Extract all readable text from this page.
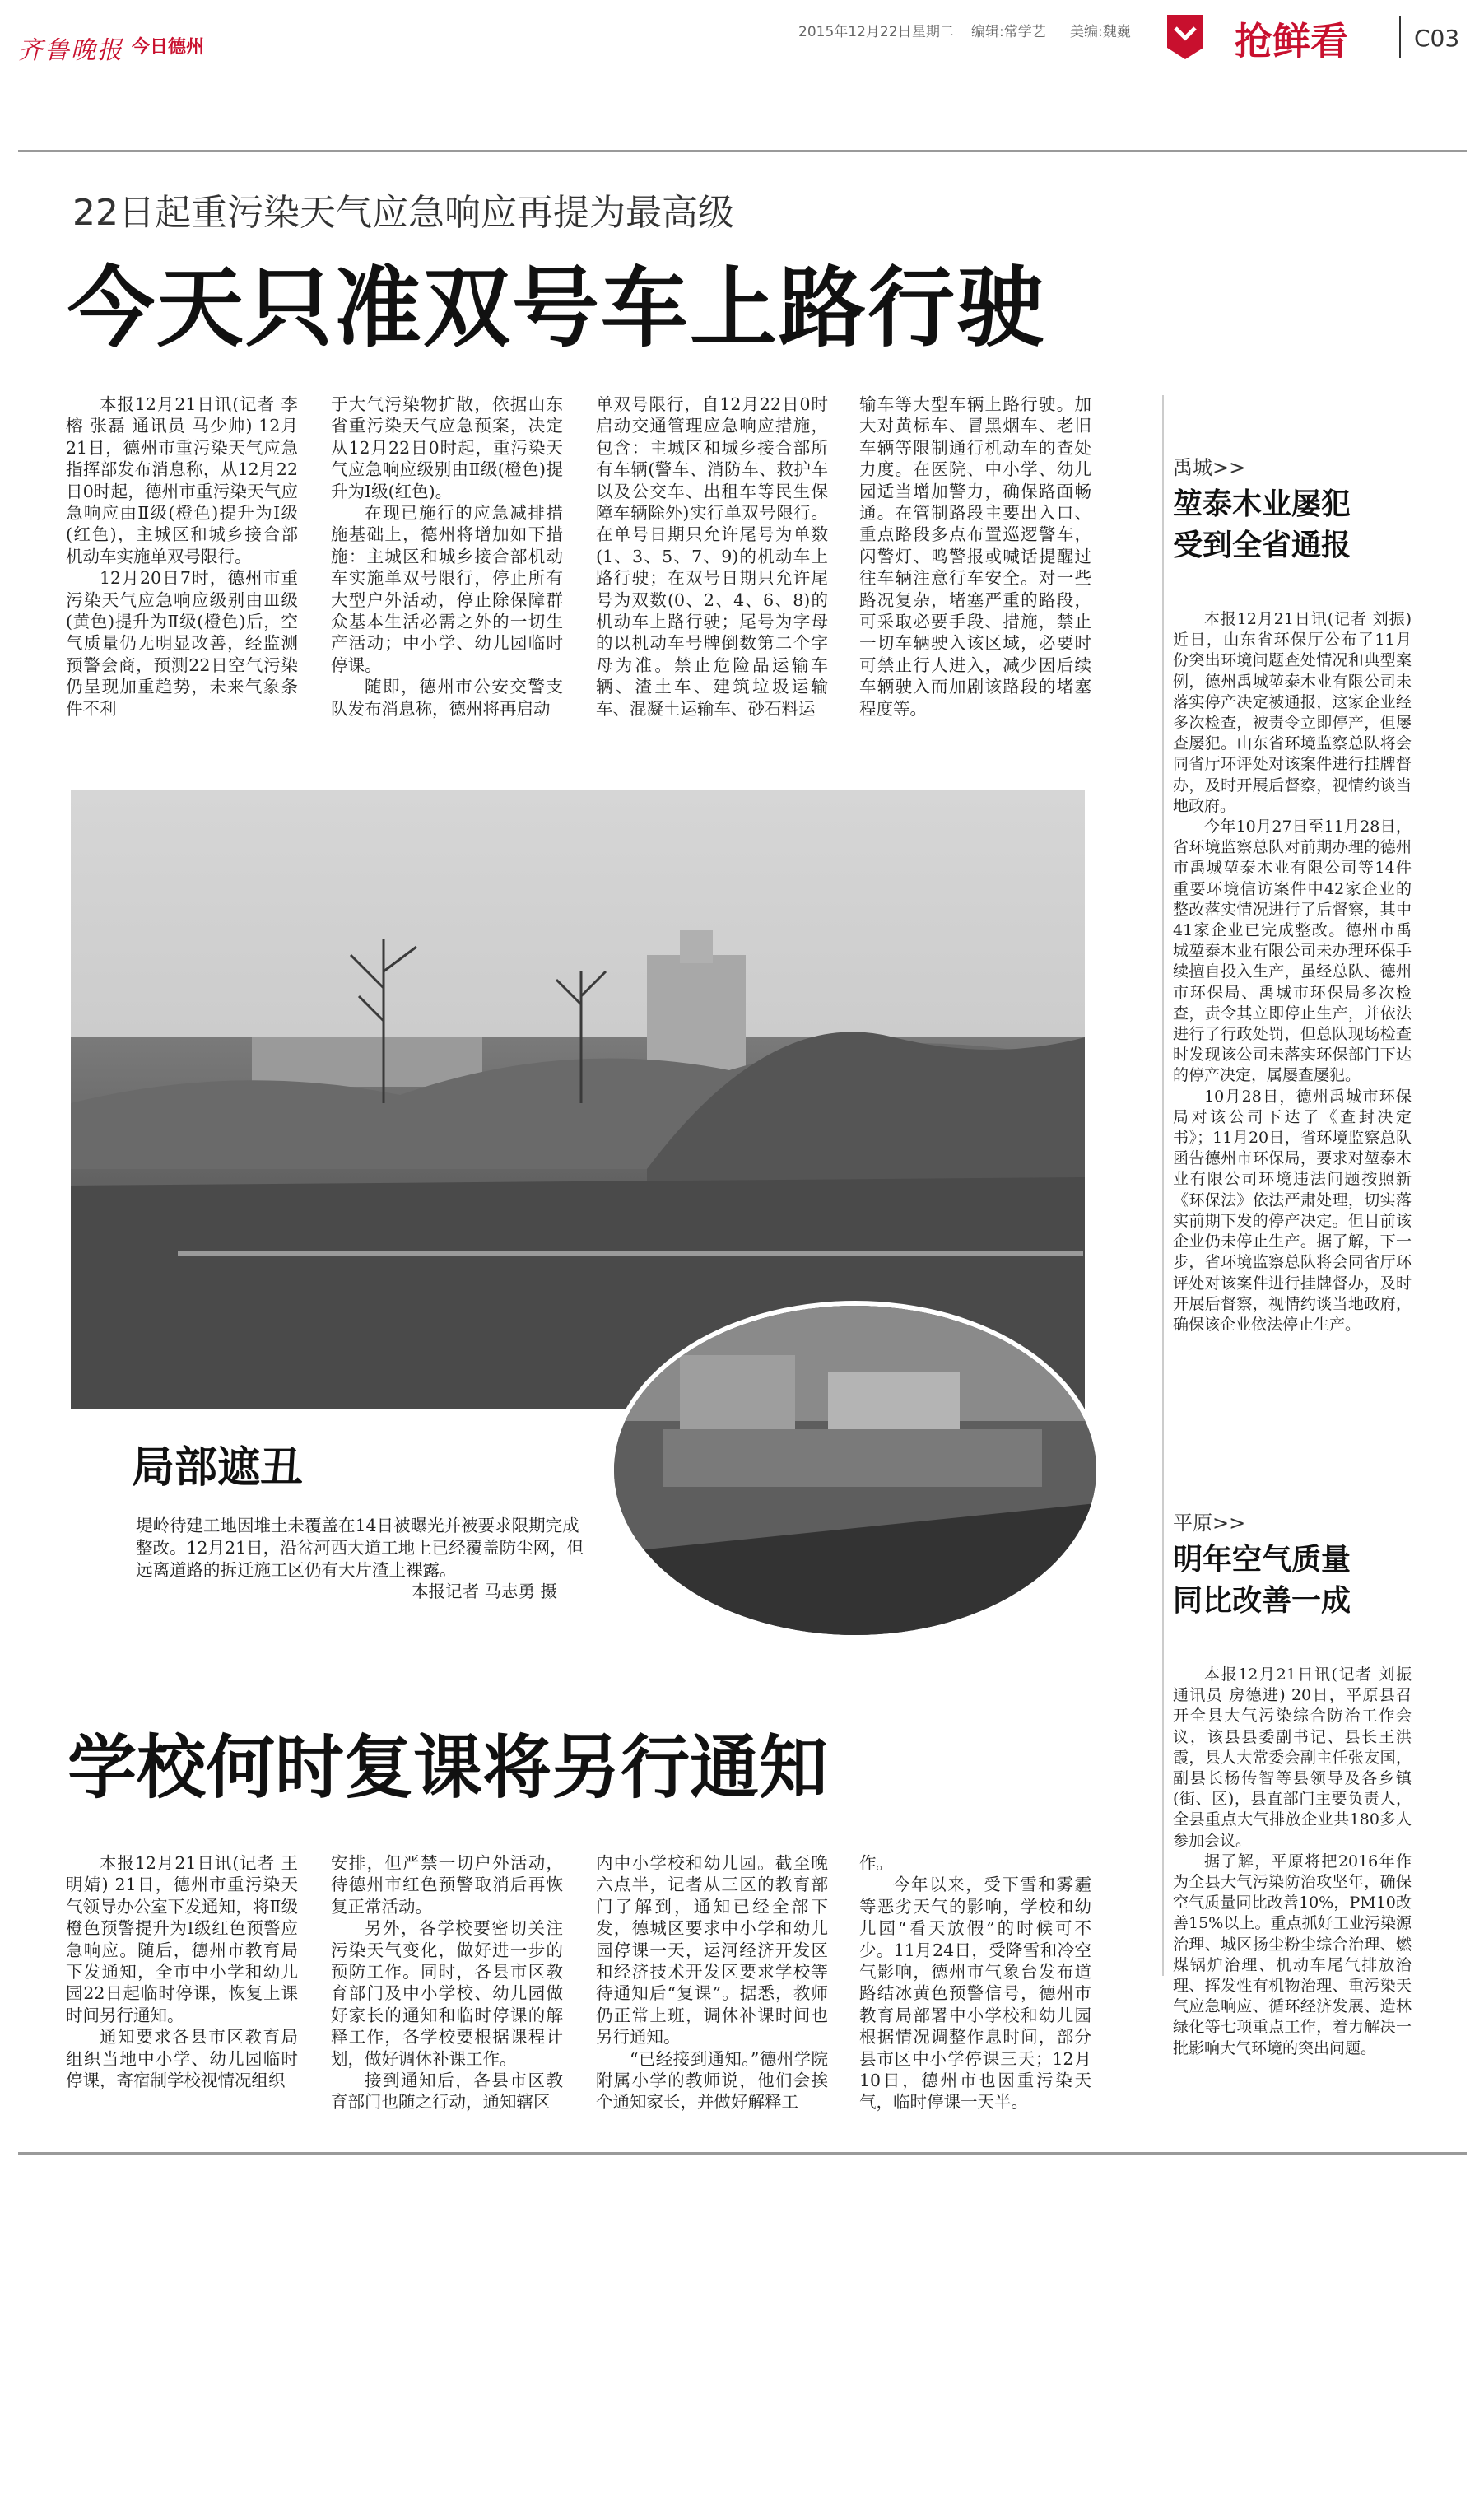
齐鲁晚报 今日德州
2015年12月22日 星期二 编辑:常学艺 美编:魏巍	抢鲜看	C03
22日起重污染天气应急响应再提为最高级
今天只准双号车上路行驶

本报12月21日讯(记者 李榕 张磊 通讯员 马少帅) 12月21日，德州市重污染天气应急指挥部发布消息称，从12月22日0时起，德州市重污染天气应急响应由Ⅱ级(橙色)提升为Ⅰ级(红色)，主城区和城乡接合部机动车实施单双号限行。

12月20日7时，德州市重污染天气应急响应级别由Ⅲ级(黄色)提升为Ⅱ级(橙色)后，空气质量仍无明显改善，经监测预警会商，预测22日空气污染仍呈现加重趋势，未来气象条件不利

于大气污染物扩散，依据山东省重污染天气应急预案，决定从12月22日0时起，重污染天气应急响应级别由Ⅱ级(橙色)提升为Ⅰ级(红色)。

在现已施行的应急减排措施基础上，德州将增加如下措施：主城区和城乡接合部机动车实施单双号限行，停止所有大型户外活动，停止除保障群众基本生活必需之外的一切生产活动；中小学、幼儿园临时停课。

随即，德州市公安交警支队发布消息称，德州将再启动

单双号限行，自12月22日0时启动交通管理应急响应措施，包含：主城区和城乡接合部所有车辆(警车、消防车、救护车以及公交车、出租车等民生保障车辆除外)实行单双号限行。在单号日期只允许尾号为单数(1、3、5、7、9)的机动车上路行驶；在双号日期只允许尾号为双数(0、2、4、6、8)的机动车上路行驶；尾号为字母的以机动车号牌倒数第二个字母为准。禁止危险品运输车辆、渣土车、建筑垃圾运输车、混凝土运输车、砂石料运

输车等大型车辆上路行驶。加大对黄标车、冒黑烟车、老旧车辆等限制通行机动车的查处力度。在医院、中小学、幼儿园适当增加警力，确保路面畅通。在管制路段主要出入口、重点路段多点布置巡逻警车，闪警灯、鸣警报或喊话提醒过往车辆注意行车安全。对一些路况复杂，堵塞严重的路段，可采取必要手段、措施，禁止一切车辆驶入该区域，必要时可禁止行人进入，减少因后续车辆驶入而加剧该路段的堵塞程度等。

局部遮丑
堤岭待建工地因堆土未覆盖在14日被曝光并被要求限期完成整改。12月21日，沿岔河西大道工地上已经覆盖防尘网，但远离道路的拆迁施工区仍有大片渣土裸露。
本报记者 马志勇 摄
禹城>>
堃泰木业屡犯
受到全省通报

本报12月21日讯(记者 刘振) 近日，山东省环保厅公布了11月份突出环境问题查处情况和典型案例，德州禹城堃泰木业有限公司未落实停产决定被通报，这家企业经多次检查，被责令立即停产，但屡查屡犯。山东省环境监察总队将会同省厅环评处对该案件进行挂牌督办，及时开展后督察，视情约谈当地政府。

今年10月27日至11月28日，省环境监察总队对前期办理的德州市禹城堃泰木业有限公司等14件重要环境信访案件中42家企业的整改落实情况进行了后督察，其中41家企业已完成整改。德州市禹城堃泰木业有限公司未办理环保手续擅自投入生产，虽经总队、德州市环保局、禹城市环保局多次检查，责令其立即停止生产，并依法进行了行政处罚，但总队现场检查时发现该公司未落实环保部门下达的停产决定，属屡查屡犯。

10月28日，德州禹城市环保局对该公司下达了《查封决定书》；11月20日，省环境监察总队函告德州市环保局，要求对堃泰木业有限公司环境违法问题按照新《环保法》依法严肃处理，切实落实前期下发的停产决定。但目前该企业仍未停止生产。据了解，下一步，省环境监察总队将会同省厅环评处对该案件进行挂牌督办，及时开展后督察，视情约谈当地政府，确保该企业依法停止生产。

平原>>
明年空气质量
同比改善一成

本报12月21日讯(记者 刘振 通讯员 房德进) 20日，平原县召开全县大气污染综合防治工作会议，该县县委副书记、县长王洪霞，县人大常委会副主任张友国，副县长杨传智等县领导及各乡镇(街、区)，县直部门主要负责人，全县重点大气排放企业共180多人参加会议。

据了解，平原将把2016年作为全县大气污染防治攻坚年，确保空气质量同比改善10%，PM10改善15%以上。重点抓好工业污染源治理、城区扬尘粉尘综合治理、燃煤锅炉治理、机动车尾气排放治理、挥发性有机物治理、重污染天气应急响应、循环经济发展、造林绿化等七项重点工作，着力解决一批影响大气环境的突出问题。

学校何时复课将另行通知

本报12月21日讯(记者 王明婧) 21日，德州市重污染天气领导办公室下发通知，将Ⅱ级橙色预警提升为Ⅰ级红色预警应急响应。随后，德州市教育局下发通知，全市中小学和幼儿园22日起临时停课，恢复上课时间另行通知。

通知要求各县市区教育局组织当地中小学、幼儿园临时停课，寄宿制学校视情况组织

安排，但严禁一切户外活动，待德州市红色预警取消后再恢复正常活动。

另外，各学校要密切关注污染天气变化，做好进一步的预防工作。同时，各县市区教育部门及中小学校、幼儿园做好家长的通知和临时停课的解释工作，各学校要根据课程计划，做好调休补课工作。

接到通知后，各县市区教育部门也随之行动，通知辖区

内中小学校和幼儿园。截至晚六点半，记者从三区的教育部门了解到，通知已经全部下发，德城区要求中小学和幼儿园停课一天，运河经济开发区和经济技术开发区要求学校等待通知后“复课”。据悉，教师仍正常上班，调休补课时间也另行通知。

“已经接到通知。”德州学院附属小学的教师说，他们会挨个通知家长，并做好解释工

作。

今年以来，受下雪和雾霾等恶劣天气的影响，学校和幼儿园“看天放假”的时候可不少。11月24日，受降雪和冷空气影响，德州市气象台发布道路结冰黄色预警信号，德州市教育局部署中小学校和幼儿园根据情况调整作息时间，部分县市区中小学停课三天；12月10日，德州市也因重污染天气，临时停课一天半。
